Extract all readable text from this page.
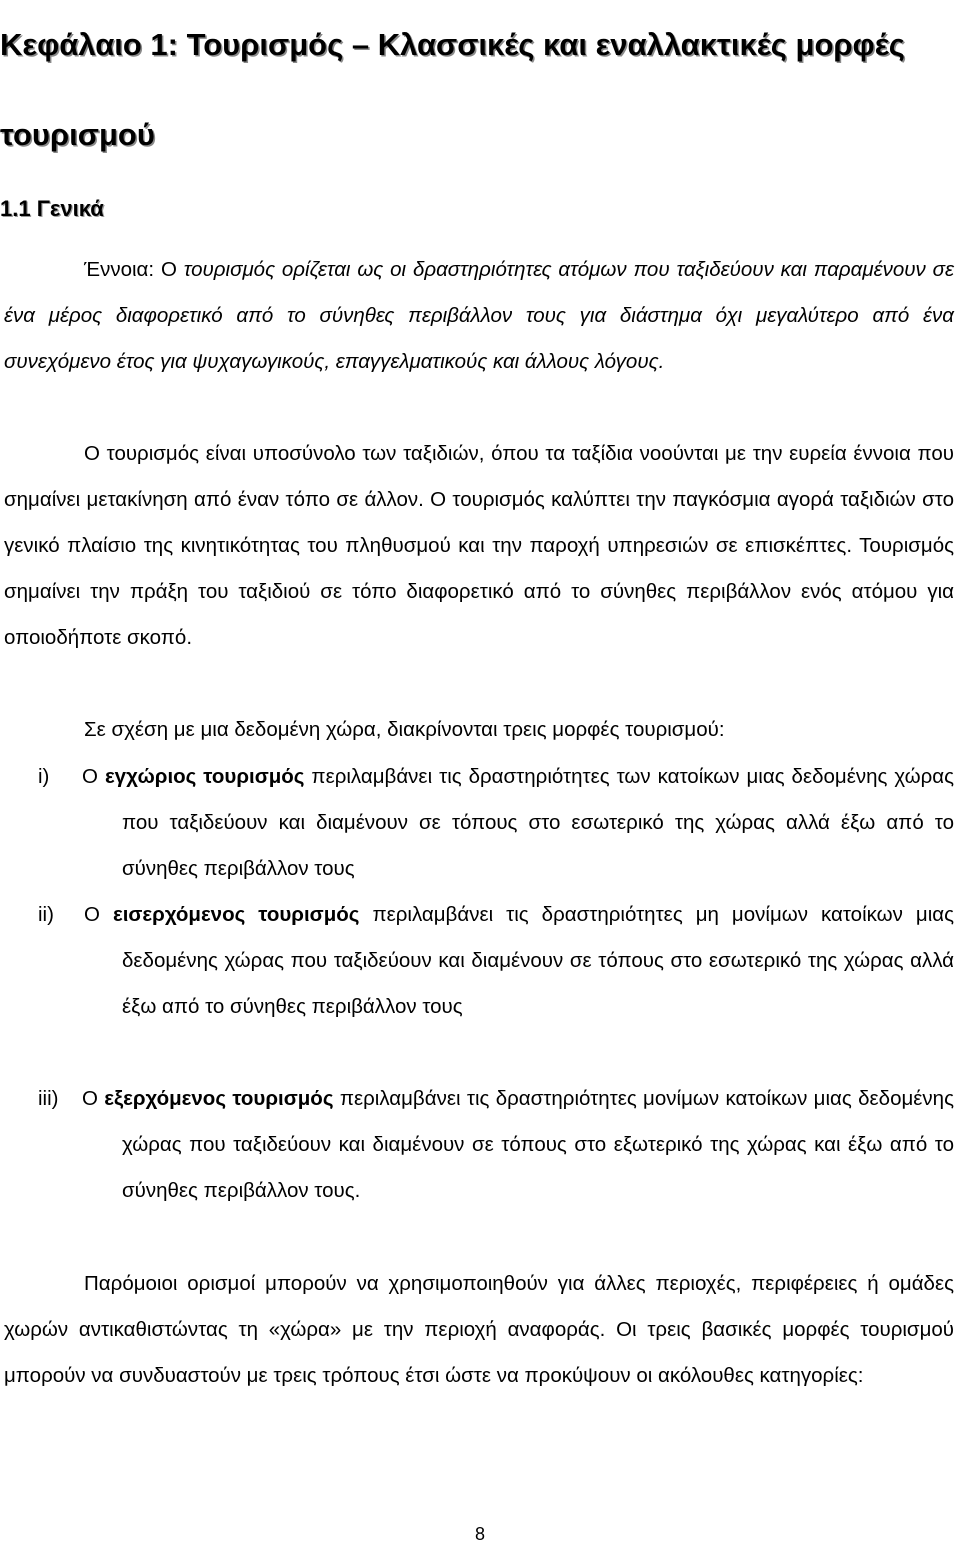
Κεφάλαιο 1: Τουρισμός – Κλασσικές και εναλλακτικές μορφές τουρισμού
1.1 Γενικά

Έννοια: Ο τουρισμός ορίζεται ως οι δραστηριότητες ατόμων που ταξιδεύουν και παραμένουν σε ένα μέρος διαφορετικό από το σύνηθες περιβάλλον τους για διάστημα όχι μεγαλύτερο από ένα συνεχόμενο έτος για ψυχαγωγικούς, επαγγελματικούς και άλλους λόγους.

Ο τουρισμός είναι υποσύνολο των ταξιδιών, όπου τα ταξίδια νοούνται με την ευρεία έννοια που σημαίνει μετακίνηση από έναν τόπο σε άλλον. Ο τουρισμός καλύπτει την παγκόσμια αγορά ταξιδιών στο γενικό πλαίσιο της κινητικότητας του πληθυσμού και την παροχή υπηρεσιών σε επισκέπτες. Τουρισμός σημαίνει την πράξη του ταξιδιού σε τόπο διαφορετικό από το σύνηθες περιβάλλον ενός ατόμου για οποιοδήποτε σκοπό.

Σε σχέση με μια δεδομένη χώρα, διακρίνονται τρεις μορφές τουρισμού:

i) Ο εγχώριος τουρισμός περιλαμβάνει τις δραστηριότητες των κατοίκων μιας δεδομένης χώρας που ταξιδεύουν και διαμένουν σε τόπους στο εσωτερικό της χώρας αλλά έξω από το σύνηθες περιβάλλον τους
ii) Ο εισερχόμενος τουρισμός περιλαμβάνει τις δραστηριότητες μη μονίμων κατοίκων μιας δεδομένης χώρας που ταξιδεύουν και διαμένουν σε τόπους στο εσωτερικό της χώρας αλλά έξω από το σύνηθες περιβάλλον τους
iii) Ο εξερχόμενος τουρισμός περιλαμβάνει τις δραστηριότητες μονίμων κατοίκων μιας δεδομένης χώρας που ταξιδεύουν και διαμένουν σε τόπους στο εξωτερικό της χώρας και έξω από το σύνηθες περιβάλλον τους.

Παρόμοιοι ορισμοί μπορούν να χρησιμοποιηθούν για άλλες περιοχές, περιφέρειες ή ομάδες χωρών αντικαθιστώντας τη «χώρα» με την περιοχή αναφοράς. Οι τρεις βασικές μορφές τουρισμού μπορούν να συνδυαστούν με τρεις τρόπους έτσι ώστε να προκύψουν οι ακόλουθες κατηγορίες:

8
